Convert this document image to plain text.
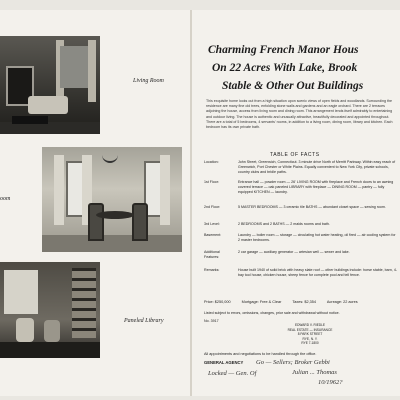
Living Room
oom
Paneled Library
Charming French Manor Hous
On 22 Acres With Lake, Brook
Stable & Other Out Buildings
This exquisite home looks out from a high situation upon scenic views of open fields and woodlands. Surrounding the residence are many fine old trees, enfolding stone walls and gardens and an eagle orchard. There are 2 terraces adjoining the house, access from living room and dining room. This arrangement lends itself admirably to entertaining and outdoor living. The house is authentic and unusually attractive, beautifully decorated and appointed throughout. There are a total of 5 bedrooms, 4 servants' rooms, in addition to a living room, dining room, library and kitchen. Each bedroom has its own private bath.
TABLE OF FACTS
Location:	John Street, Greenwich, Connecticut. 3 minute drive North of Merritt Parkway. Within easy reach of Greenwich, Port Chester or White Plains. Equally convenient to New York City, private schools, country clubs and bridle paths.
1st Floor:	Entrance hall — powder room — 26' LIVING ROOM with fireplace and French doors to an awning covered terrace — oak paneled LIBRARY with fireplace — DINING ROOM — pantry — fully equipped KITCHEN — laundry.
2nd Floor:	5 MASTER BEDROOMS — 3 ceramic tile BATHS — abundant closet space — sewing room.
3rd Level:	2 BEDROOMS and 2 BATHS — 2 maids rooms and bath.
Basement:	Laundry — boiler room — storage — circulating hot water heating, oil fired — air cooling system for 2 master bedrooms.
Additional Features:
2 car garage — auxiliary generator — artesian well — sewer and lake.
Remarks:	House built 1940 of solid brick with heavy slate roof — other buildings include: horse stable, barn, 4-bay tool house, chicken house, sheep fence for complete pool and tell fence.
Price: $250,000	Mortgage: Free & Clear	Taxes: $2,354	Acreage: 22 acres
Listed subject to errors, omissions, changes, prior sale and withdrawal without notice.
No. 3917
EDWARD V. RIEDLE
REAL ESTATE — INSURANCE
8 PARK STREET
RYE, N. Y.
RYE 7-1800
All appointments and negotiations to be handled through the office.
GENERAL AGENCY Go — Sellers; Broker Gebbi
Locked — Gen. Of	Julian ... Thomas
10/1962?
